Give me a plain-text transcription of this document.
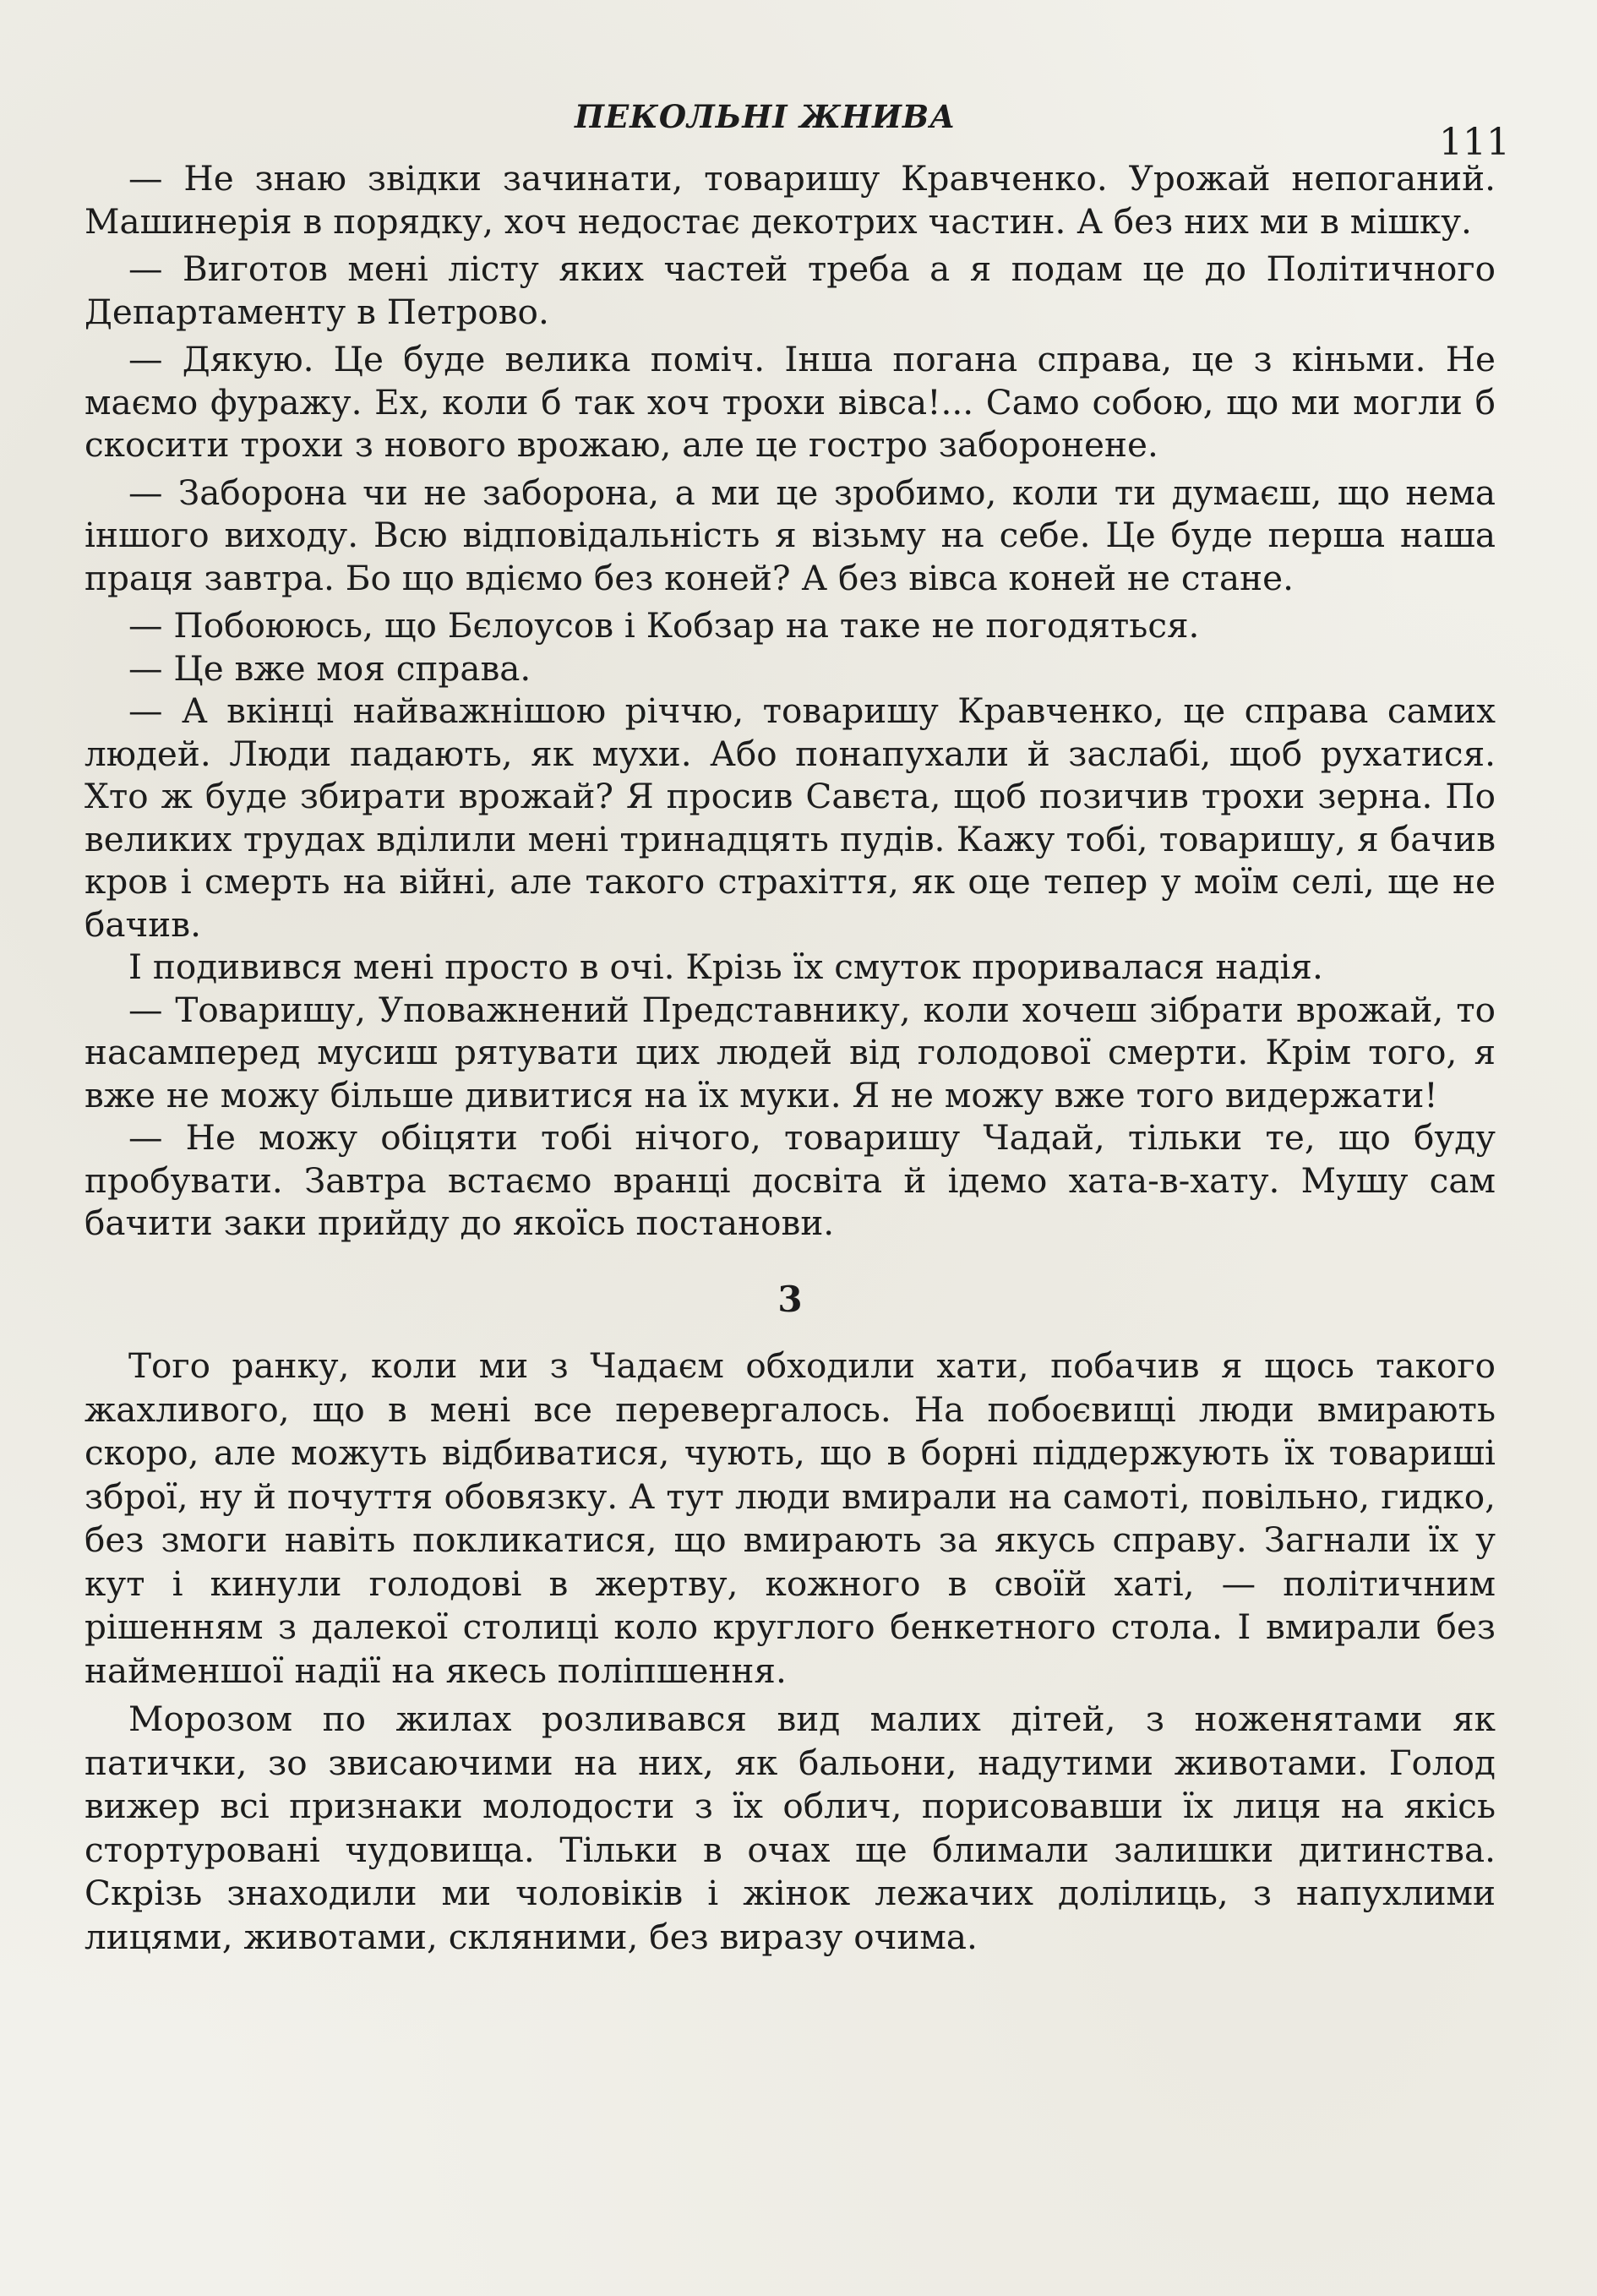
ПЕКОЛЬНІ ЖНИВА
111

— Не знаю звідки зачинати, товаришу Кравченко. Урожай непоганий. Машинерія в порядку, хоч недостає декотрих частин. А без них ми в мішку.

— Виготов мені лісту яких частей треба а я подам це до Політичного Департаменту в Петрово.

— Дякую. Це буде велика поміч. Інша погана справа, це з кіньми. Не маємо фуражу. Ех, коли б так хоч трохи вівса!... Само собою, що ми могли б скосити трохи з нового врожаю, але це гостро заборонене.

— Заборона чи не заборона, а ми це зробимо, коли ти думаєш, що нема іншого виходу. Всю відповідальність я візьму на себе. Це буде перша наша праця завтра. Бо що вдіємо без коней? А без вівса коней не стане.

— Побоююсь, що Бєлоусов і Кобзар на таке не погодяться.

— Це вже моя справа.

— А вкінці найважнішою річчю, товаришу Кравченко, це справа самих людей. Люди падають, як мухи. Або понапухали й заслабі, щоб рухатися. Хто ж буде збирати врожай? Я просив Савєта, щоб позичив трохи зерна. По великих трудах вділили мені тринадцять пудів. Кажу тобі, товаришу, я бачив кров і смерть на війні, але такого страхіття, як оце тепер у моїм селі, ще не бачив.

І подивився мені просто в очі. Крізь їх смуток проривалася надія.

— Товаришу, Уповажнений Представнику, коли хочеш зібрати врожай, то насамперед мусиш рятувати цих людей від голодової смерти. Крім того, я вже не можу більше дивитися на їх муки. Я не можу вже того видержати!

— Не можу обіцяти тобі нічого, товаришу Чадай, тільки те, що буду пробувати. Завтра встаємо вранці досвіта й ідемо хата-в-хату. Мушу сам бачити заки прийду до якоїсь постанови.

3

Того ранку, коли ми з Чадаєм обходили хати, побачив я щось такого жахливого, що в мені все перевергалось. На побоєвищі люди вмирають скоро, але можуть відбиватися, чують, що в борні піддержують їх товариші зброї, ну й почуття обовязку. А тут люди вмирали на самоті, повільно, гидко, без змоги навіть покликатися, що вмирають за якусь справу. Загнали їх у кут і кинули голодові в жертву, кожного в своїй хаті, — політичним рішенням з далекої столиці коло круглого бенкетного стола. І вмирали без найменшої надії на якесь поліпшення.

Морозом по жилах розливався вид малих дітей, з ноженятами як патички, зо звисаючими на них, як бальони, надутими животами. Голод вижер всі признаки молодости з їх облич, порисовавши їх лиця на якісь стортуровані чудовища. Тільки в очах ще блимали залишки дитинства. Скрізь знаходили ми чоловіків і жінок лежачих долілиць, з напухлими лицями, животами, скляними, без виразу очима.
